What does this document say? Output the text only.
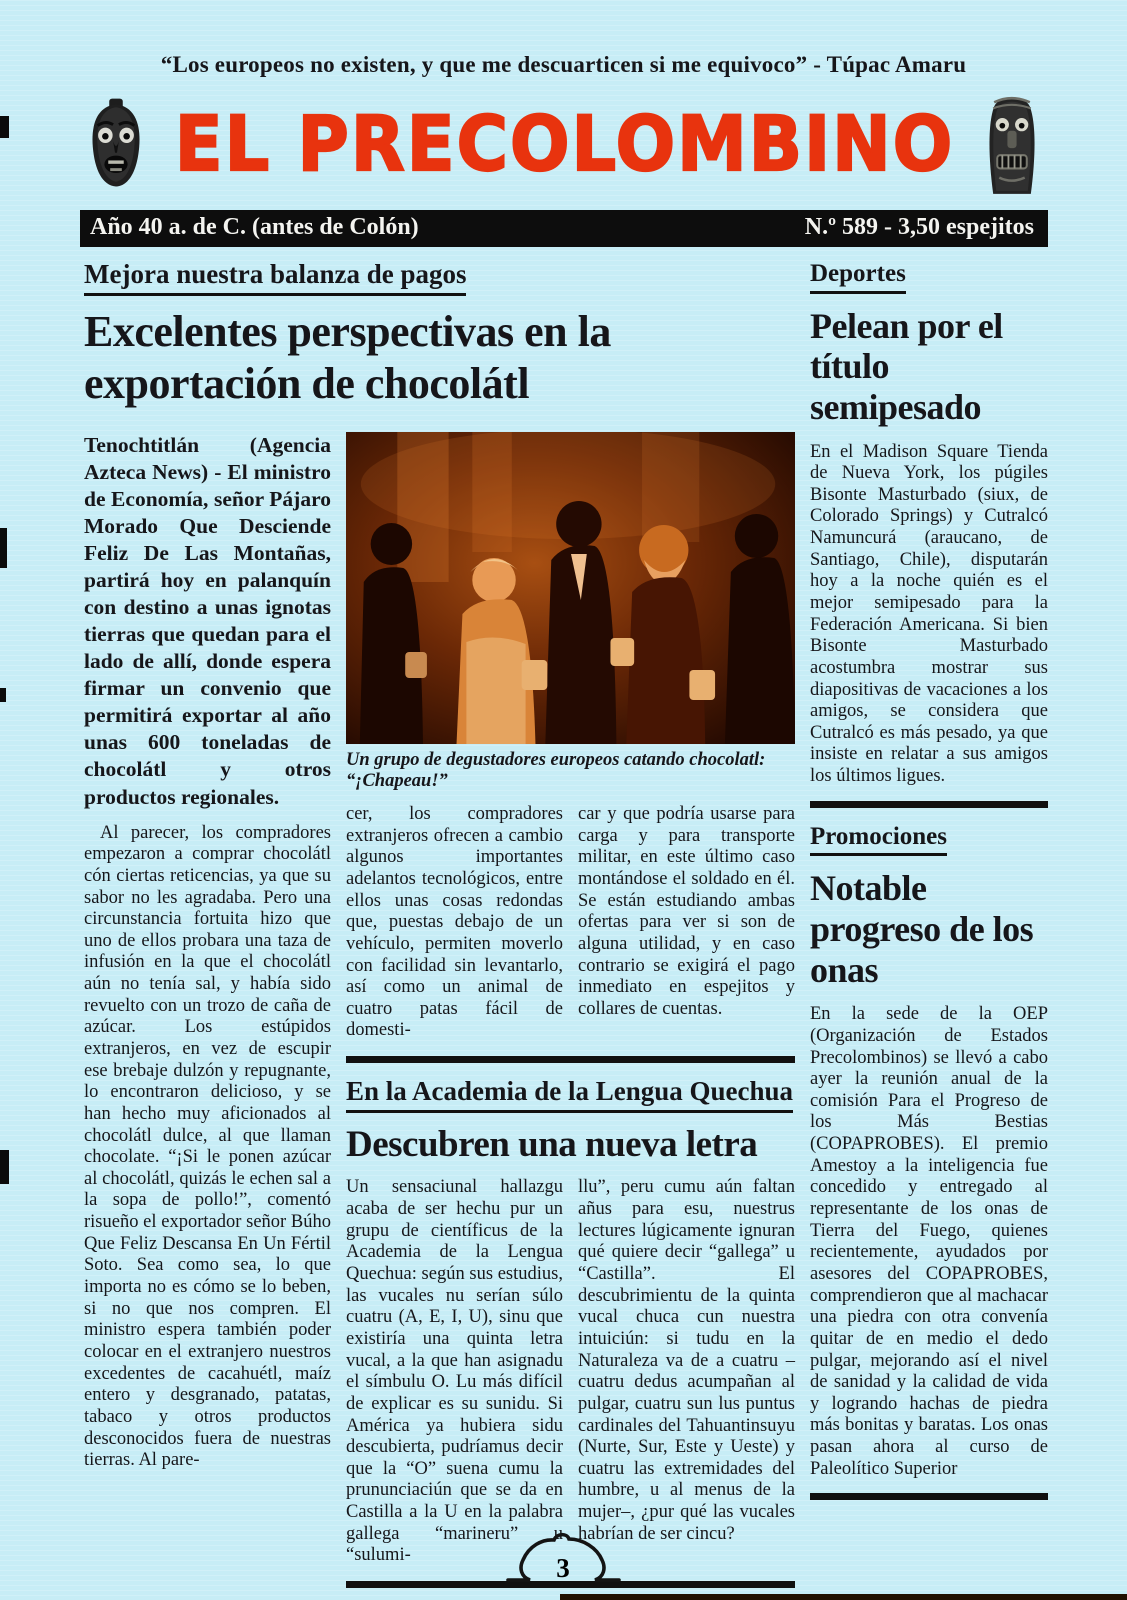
“Los europeos no existen, y que me descuarticen si me equivoco” - Túpac Amaru
EL PRECOLOMBINO
Año 40 a. de C. (antes de Colón)	N.º 589 - 3,50 espejitos
Mejora nuestra balanza de pagos
Excelentes perspectivas en la exportación de chocolátl

Tenochtitlán (Agencia Azteca News) - El ministro de Economía, señor Pájaro Morado Que Desciende Feliz De Las Montañas, partirá hoy en palanquín con destino a unas ignotas tierras que quedan para el lado de allí, donde espera firmar un convenio que permitirá exportar al año unas 600 toneladas de chocolátl y otros productos regionales.

Al parecer, los compradores empezaron a comprar chocolátl cón ciertas reticencias, ya que su sabor no les agradaba. Pero una circunstancia fortuita hizo que uno de ellos probara una taza de infusión en la que el chocolátl aún no tenía sal, y había sido revuelto con un trozo de caña de azúcar. Los estúpidos extranjeros, en vez de escupir ese brebaje dulzón y repugnante, lo encontraron delicioso, y se han hecho muy aficionados al chocolátl dulce, al que llaman chocolate. “¡Si le ponen azúcar al chocolátl, quizás le echen sal a la sopa de pollo!”, comentó risueño el exportador señor Búho Que Feliz Descansa En Un Fértil Soto. Sea como sea, lo que importa no es cómo se lo beben, si no que nos compren. El ministro espera también poder colocar en el extranjero nuestros excedentes de cacahuétl, maíz entero y desgranado, patatas, tabaco y otros productos desconocidos fuera de nuestras tierras. Al pare-

Un grupo de degustadores europeos catando chocolatl: “¡Chapeau!”

cer, los compradores extranjeros ofrecen a cambio algunos importantes adelantos tecnológicos, entre ellos unas cosas redondas que, puestas debajo de un vehículo, permiten moverlo con facilidad sin levantarlo, así como un animal de cuatro patas fácil de domesti-

car y que podría usarse para carga y para transporte militar, en este último caso montándose el soldado en él. Se están estudiando ambas ofertas para ver si son de alguna utilidad, y en caso contrario se exigirá el pago inmediato en espejitos y collares de cuentas.

En la Academia de la Lengua Quechua
Descubren una nueva letra

Un sensaciunal hallazgu acaba de ser hechu pur un grupu de científicus de la Academia de la Lengua Quechua: según sus estudius, las vucales nu serían súlo cuatru (A, E, I, U), sinu que existiría una quinta letra vucal, a la que han asignadu el símbulu O. Lu más difícil de explicar es su sunidu. Si América ya hubiera sidu descubierta, pudríamus decir que la “O” suena cumu la prununciaciún que se da en Castilla a la U en la palabra gallega “marineru” u “sulumi-

llu”, peru cumu aún faltan añus para esu, nuestrus lectures lúgicamente ignuran qué quiere decir “gallega” u “Castilla”. El descubrimientu de la quinta vucal chuca cun nuestra intuiciún: si tudu en la Naturaleza va de a cuatru –cuatru dedus acumpañan al pulgar, cuatru sun lus puntus cardinales del Tahuantinsuyu (Nurte, Sur, Este y Ueste) y cuatru las extremidades del humbre, u al menus de la mujer–, ¿pur qué las vucales habrían de ser cincu?

Deportes
Pelean por el título semipesado

En el Madison Square Tienda de Nueva York, los púgiles Bisonte Masturbado (siux, de Colorado Springs) y Cutralcó Namuncurá (araucano, de Santiago, Chile), disputarán hoy a la noche quién es el mejor semipesado para la Federación Americana. Si bien Bisonte Masturbado acostumbra mostrar sus diapositivas de vacaciones a los amigos, se considera que Cutralcó es más pesado, ya que insiste en relatar a sus amigos los últimos ligues.

Promociones
Notable progreso de los onas

En la sede de la OEP (Organización de Estados Precolombinos) se llevó a cabo ayer la reunión anual de la comisión Para el Progreso de los Más Bestias (COPAPROBES). El premio Amestoy a la inteligencia fue concedido y entregado al representante de los onas de Tierra del Fuego, quienes recientemente, ayudados por asesores del COPAPROBES, comprendieron que al machacar una piedra con otra convenía quitar de en medio el dedo pulgar, mejorando así el nivel de sanidad y la calidad de vida y logrando hachas de piedra más bonitas y baratas. Los onas pasan ahora al curso de Paleolítico Superior

3
